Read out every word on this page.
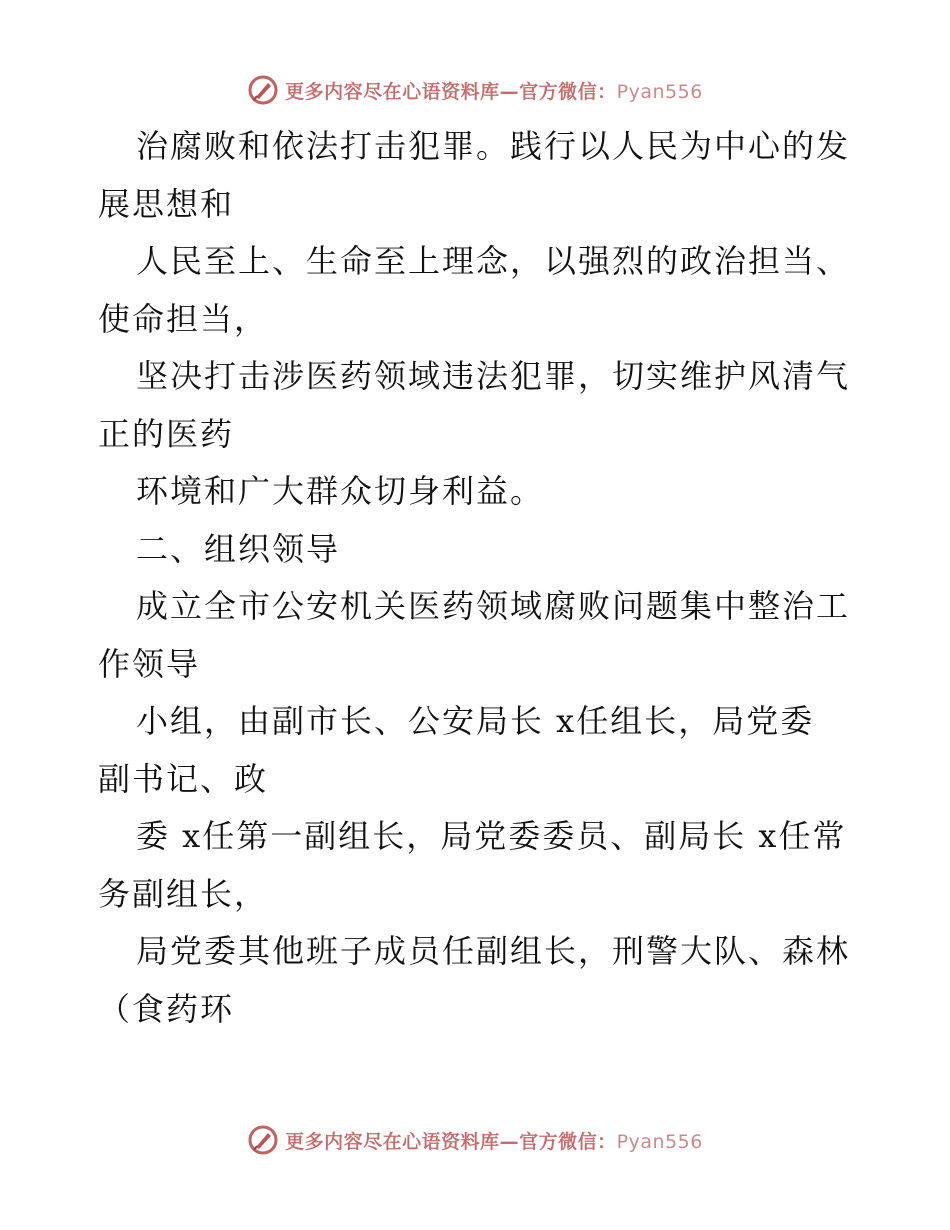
更多内容尽在心语资料库—官方微信：Pyan556
治腐败和依法打击犯罪。践行以人民为中心的发
展思想和
人民至上、生命至上理念，以强烈的政治担当、
使命担当，
坚决打击涉医药领域违法犯罪，切实维护风清气
正的医药
环境和广大群众切身利益。
二、组织领导
成立全市公安机关医药领域腐败问题集中整治工
作领导
小组，由副市长、公安局长 x任组长，局党委
副书记、政
委 x任第一副组长，局党委委员、副局长 x任常
务副组长，
局党委其他班子成员任副组长，刑警大队、森林
（食药环
更多内容尽在心语资料库—官方微信：Pyan556
